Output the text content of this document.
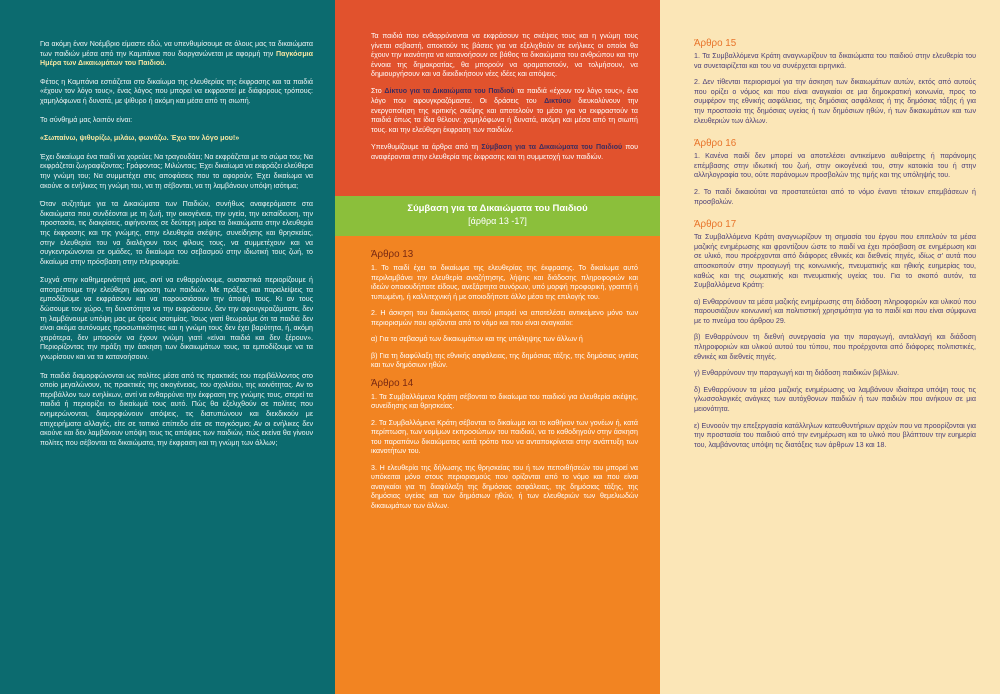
Για ακόμη έναν Νοέμβριο είμαστε εδώ, να υπενθυμίσουμε σε όλους μας τα δικαιώματα των παιδιών μέσα από την Καμπάνια που διοργανώνεται με αφορμή την Παγκόσμια Ημέρα των Δικαιωμάτων του Παιδιού.

Φέτος η Καμπάνια εστιάζεται στο δικαίωμα της ελευθερίας της έκφρασης και τα παιδιά «έχουν τον λόγο τους», ένας λόγος που μπορεί να εκφραστεί με διάφορους τρόπους: χαμηλόφωνα ή δυνατά, με ψίθυρο ή ακόμη και μέσα από τη σιωπή.

Το σύνθημά μας λοιπόν είναι:

«Σωπαίνω, ψιθυρίζω, μιλάω, φωνάζω. Έχω τον λόγο μου!»

Έχει δικαίωμα ένα παιδί να χορεύει; Να τραγουδάει; Να εκφράζεται με το σώμα του; Να εκφράζεται ζωγραφίζοντας; Γράφοντας; Μιλώντας; Έχει δικαίωμα να εκφράζει ελεύθερα την γνώμη του; Να συμμετέχει στις αποφάσεις που το αφορούν; Έχει δικαίωμα να ακούνε οι ενήλικες τη γνώμη του, να τη σέβονται, να τη λαμβάνουν υπόψη ισότιμα;

Όταν συζητάμε για τα Δικαιώματα των Παιδιών, συνήθως αναφερόμαστε στα δικαιώματα που συνδέονται με τη ζωή, την οικογένεια, την υγεία, την εκπαίδευση, την προστασία, τις διακρίσεις, αφήνοντας σε δεύτερη μοίρα τα δικαιώματα στην ελευθερία της έκφρασης και της γνώμης, στην ελευθερία σκέψης, συνείδησης και θρησκείας, στην ελευθερία του να διαλέγουν τους φίλους τους, να συμμετέχουν και να συγκεντρώνονται σε ομάδες, το δικαίωμα του σεβασμού στην ιδιωτική τους ζωή, το δικαίωμα στην πρόσβαση στην πληροφορία.

Συχνά στην καθημερινότητά μας, αντί να ενθαρρύνουμε, ουσιαστικά περιορίζουμε ή αποτρέπουμε την ελεύθερη έκφραση των παιδιών. Με πράξεις και παραλείψεις τα εμποδίζουμε να εκφράσουν και να παρουσιάσουν την άποψή τους. Κι αν τους δώσουμε τον χώρο, τη δυνατότητα να την εκφράσουν, δεν την αφουγκραζόμαστε, δεν τη λαμβάνουμε υπόψη μας με όρους ισοτιμίας. Ίσως γιατί θεωρούμε ότι τα παιδιά δεν είναι ακόμα αυτόνομες προσωπικότητες και η γνώμη τους δεν έχει βαρύτητα, ή, ακόμη χειρότερα, δεν μπορούν να έχουν γνώμη γιατί «είναι παιδιά και δεν ξέρουν». Περιορίζοντας την πράξη την άσκηση των δικαιωμάτων τους, τα εμποδίζουμε να τα γνωρίσουν και να τα κατανοήσουν.

Τα παιδιά διαμορφώνονται ως πολίτες μέσα από τις πρακτικές του περιβάλλοντος στο οποίο μεγαλώνουν, τις πρακτικές της οικογένειας, του σχολείου, της κοινότητας. Αν το περιβάλλον των ενηλίκων, αντί να ενθαρρύνει την έκφραση της γνώμης τους, στερεί τα παιδιά ή περιορίζει το δικαίωμά τους αυτό. Πώς θα εξελιχθούν σε πολίτες που ενημερώνονται, διαμορφώνουν απόψεις, τις διατυπώνουν και διεκδικούν με επιχειρήματα αλλαγές, είτε σε τοπικό επίπεδο είτε σε παγκόσμιο; Αν οι ενήλικες δεν ακούνε και δεν λαμβάνουν υπόψη τους τις απόψεις των παιδιών, πώς εκείνα θα γίνουν πολίτες που σέβονται τα δικαιώματα, την έκφραση και τη γνώμη των άλλων;

Τα παιδιά που ενθαρρύνονται να εκφράσουν τις σκέψεις τους και η γνώμη τους γίνεται σεβαστή, αποκτούν τις βάσεις για να εξελιχθούν σε ενήλικες οι οποίοι θα έχουν την ικανότητα να κατανοήσουν σε βάθος τα δικαιώματα του ανθρώπου και την έννοια της δημοκρατίας, θα μπορούν να οραματιστούν, να τολμήσουν, να δημιουργήσουν και να διεκδικήσουν νέες ιδέες και απόψεις.

Στο Δίκτυο για τα Δικαιώματα του Παιδιού τα παιδιά «έχουν τον λόγο τους», ένα λόγο που αφουγκραζόμαστε. Οι δράσεις του Δικτύου διευκολύνουν την ενεργοποίηση της κριτικής σκέψης και αποτελούν το μέσο για να εκφραστούν τα παιδιά όπως τα ίδια θέλουν: χαμηλόφωνα ή δυνατά, ακόμη και μέσα από τη σιωπή τους. και την ελεύθερη έκφραση των παιδιών.

Υπενθυμίζουμε τα άρθρα από τη Σύμβαση για τα Δικαιώματα του Παιδιού που αναφέρονται στην ελευθερία της έκφρασης και τη συμμετοχή των παιδιών.

Σύμβαση για τα Δικαιώματα του Παιδιού
[άρθρα 13 -17]
Άρθρο 13

1. Το παιδί έχει το δικαίωμα της ελευθερίας της έκφρασης. Το δικαίωμα αυτό περιλαμβάνει την ελευθερία αναζήτησης, λήψης και διάδοσης πληροφοριών και ιδεών οποιουδήποτε είδους, ανεξάρτητα συνόρων, υπό μορφή προφορική, γραπτή ή τυπωμένη, ή καλλιτεχνική ή με οποιοδήποτε άλλο μέσο της επιλογής του.

2. Η άσκηση του δικαιώματος αυτού μπορεί να αποτελέσει αντικείμενο μόνο των περιορισμών που ορίζονται από το νόμο και που είναι αναγκαίοι:

α) Για το σεβασμό των δικαιωμάτων και της υπόληψης των άλλων ή

β) Για τη διαφύλαξη της εθνικής ασφάλειας, της δημόσιας τάξης, της δημόσιας υγείας και των δημόσιων ηθών.

Άρθρο 14

1. Τα Συμβαλλόμενα Κράτη σέβονται το δικαίωμα του παιδιού για ελευθερία σκέψης, συνείδησης και θρησκείας.

2. Τα Συμβαλλόμενα Κράτη σέβονται το δικαίωμα και το καθήκον των γονέων ή, κατά περίπτωση, των νομίμων εκπροσώπων του παιδιού, να το καθοδηγούν στην άσκηση του παραπάνω δικαιώματος κατά τρόπο που να ανταποκρίνεται στην ανάπτυξη των ικανοτήτων του.

3. Η ελευθερία της δήλωσης της θρησκείας του ή των πεποιθήσεών του μπορεί να υπόκειται μόνο στους περιορισμούς που ορίζονται από το νόμο και που είναι αναγκαίοι για τη διαφύλαξη της δημόσιας ασφάλειας, της δημόσιας τάξης, της δημόσιας υγείας και των δημόσιων ηθών, ή των ελευθεριών των θεμελιωδών δικαιωμάτων των άλλων.

Άρθρο 15

1. Τα Συμβαλλόμενα Κράτη αναγνωρίζουν τα δικαιώματα του παιδιού στην ελευθερία του να συνεταιρίζεται και του να συνέρχεται ειρηνικά.

2. Δεν τίθενται περιορισμοί για την άσκηση των δικαιωμάτων αυτών, εκτός από αυτούς που ορίζει ο νόμος και που είναι αναγκαίοι σε μια δημοκρατική κοινωνία, προς το συμφέρον της εθνικής ασφάλειας, της δημόσιας ασφάλειας ή της δημόσιας τάξης ή για την προστασία της δημόσιας υγείας ή των δημόσιων ηθών, ή των δικαιωμάτων και των ελευθεριών των άλλων.

Άρθρο 16

1. Κανένα παιδί δεν μπορεί να αποτελέσει αντικείμενο αυθαίρετης ή παράνομης επέμβασης στην ιδιωτική του ζωή, στην οικογένειά του, στην κατοικία του ή στην αλληλογραφία του, ούτε παράνομων προσβολών της τιμής και της υπόληψής του.

2. Το παιδί δικαιούται να προστατεύεται από το νόμο έναντι τέτοιων επεμβάσεων ή προσβολών.

Άρθρο 17

Τα Συμβαλλόμενα Κράτη αναγνωρίζουν τη σημασία του έργου που επιτελούν τα μέσα μαζικής ενημέρωσης και φροντίζουν ώστε το παιδί να έχει πρόσβαση σε ενημέρωση και σε υλικό, που προέρχονται από διάφορες εθνικές και διεθνείς πηγές, ιδίως σ' αυτά που αποσκοπούν στην προαγωγή της κοινωνικής, πνευματικής και ηθικής ευημερίας του, καθώς και της σωματικής και πνευματικής υγείας του. Για το σκοπό αυτόν, τα Συμβαλλόμενα Κράτη:

α) Ενθαρρύνουν τα μέσα μαζικής ενημέρωσης στη διάδοση πληροφοριών και υλικού που παρουσιάζουν κοινωνική και πολιτιστική χρησιμότητα για το παιδί και που είναι σύμφωνα με το πνεύμα του άρθρου 29.

β) Ενθαρρύνουν τη διεθνή συνεργασία για την παραγωγή, ανταλλαγή και διάδοση πληροφοριών και υλικού αυτού του τύπου, που προέρχονται από διάφορες πολιτιστικές, εθνικές και διεθνείς πηγές.

γ) Ενθαρρύνουν την παραγωγή και τη διάδοση παιδικών βιβλίων.

δ) Ενθαρρύνουν τα μέσα μαζικής ενημέρωσης να λαμβάνουν ιδιαίτερα υπόψη τους τις γλωσσολογικές ανάγκες των αυτόχθονων παιδιών ή των παιδιών που ανήκουν σε μια μειονότητα.

ε) Ευνοούν την επεξεργασία κατάλληλων κατευθυντήριων αρχών που να προορίζονται για την προστασία του παιδιού από την ενημέρωση και το υλικό που βλάπτουν την ευημερία του, λαμβάνοντας υπόψη τις διατάξεις των άρθρων 13 και 18.
